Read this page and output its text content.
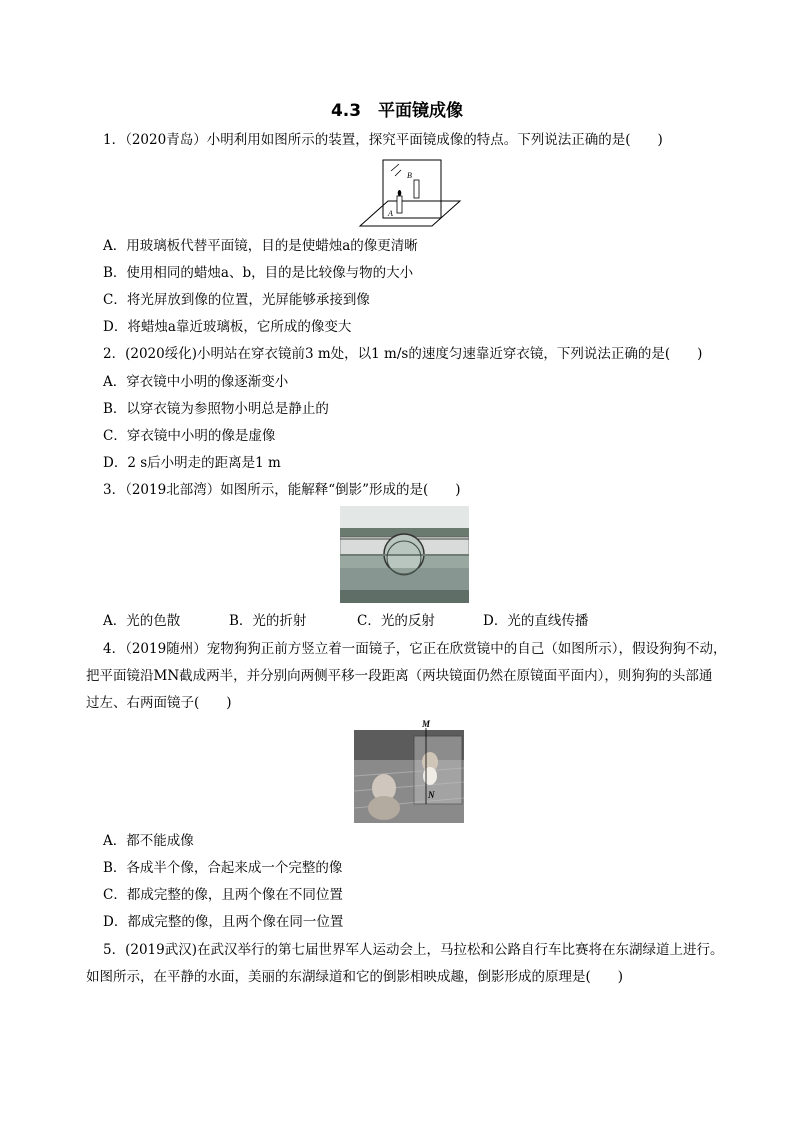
4.3　平面镜成像
1．（2020青岛）小明利用如图所示的装置，探究平面镜成像的特点。下列说法正确的是(　　)
B
A
A．用玻璃板代替平面镜，目的是使蜡烛a的像更清晰
B．使用相同的蜡烛a、b，目的是比较像与物的大小
C．将光屏放到像的位置，光屏能够承接到像
D．将蜡烛a靠近玻璃板，它所成的像变大
2．(2020绥化)小明站在穿衣镜前3 m处，以1 m/s的速度匀速靠近穿衣镜，下列说法正确的是(　　)
A．穿衣镜中小明的像逐渐变小
B．以穿衣镜为参照物小明总是静止的
C．穿衣镜中小明的像是虚像
D．2 s后小明走的距离是1 m
3．（2019北部湾）如图所示，能解释“倒影”形成的是(　　)
A．光的色散	B．光的折射	C．光的反射	D．光的直线传播
4．（2019随州）宠物狗狗正前方竖立着一面镜子，它正在欣赏镜中的自己（如图所示），假设狗狗不动，
把平面镜沿MN截成两半，并分别向两侧平移一段距离（两块镜面仍然在原镜面平面内），则狗狗的头部通
过左、右两面镜子(　　)
M
N
A．都不能成像
B．各成半个像，合起来成一个完整的像
C．都成完整的像，且两个像在不同位置
D．都成完整的像，且两个像在同一位置
5．(2019武汉)在武汉举行的第七届世界军人运动会上，马拉松和公路自行车比赛将在东湖绿道上进行。
如图所示，在平静的水面，美丽的东湖绿道和它的倒影相映成趣，倒影形成的原理是(　　)
